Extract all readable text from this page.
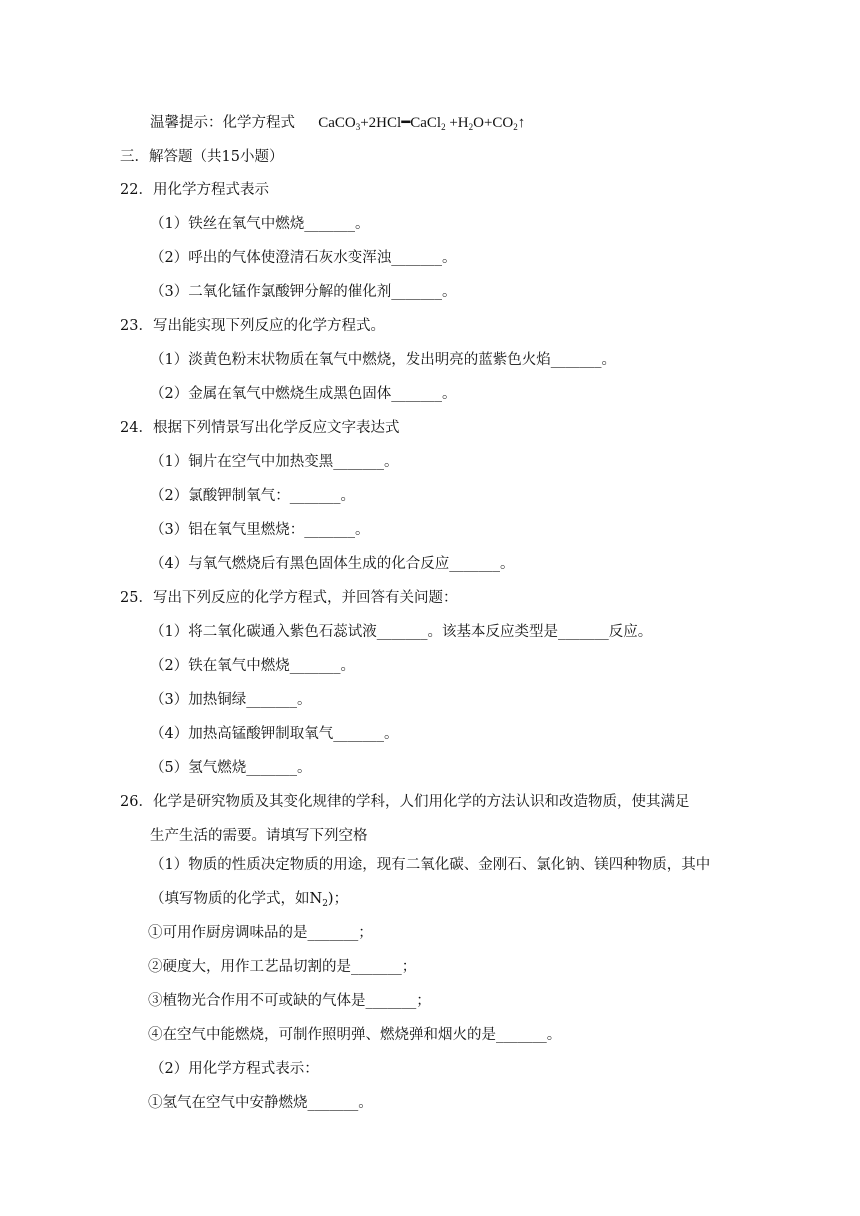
温馨提示：化学方程式 CaCO$_3$+2HCl━CaCl$_2$ $+H_2O+CO_2↑$
三．解答题（共15小题）
22．用化学方程式表示
（1）铁丝在氧气中燃烧_______。
（2）呼出的气体使澄清石灰水变浑浊_______。
（3）二氧化锰作氯酸钾分解的催化剂_______。
23．写出能实现下列反应的化学方程式。
（1）淡黄色粉末状物质在氧气中燃烧，发出明亮的蓝紫色火焰_______。
（2）金属在氧气中燃烧生成黑色固体_______。
24．根据下列情景写出化学反应文字表达式
（1）铜片在空气中加热变黑_______。
（2）氯酸钾制氧气：_______。
（3）铝在氧气里燃烧：_______。
（4）与氧气燃烧后有黑色固体生成的化合反应_______。
25．写出下列反应的化学方程式，并回答有关问题：
（1）将二氧化碳通入紫色石蕊试液_______。该基本反应类型是_______反应。
（2）铁在氧气中燃烧_______。
（3）加热铜绿_______。
（4）加热高锰酸钾制取氧气_______。
（5）氢气燃烧_______。
26．化学是研究物质及其变化规律的学科，人们用化学的方法认识和改造物质，使其满足
生产生活的需要。请填写下列空格
（1）物质的性质决定物质的用途，现有二氧化碳、金刚石、氯化钠、镁四种物质，其中
（填写物质的化学式，如$N_2$)；
①可用作厨房调味品的是_______；
②硬度大，用作工艺品切割的是_______；
③植物光合作用不可或缺的气体是_______；
④在空气中能燃烧，可制作照明弹、燃烧弹和烟火的是_______。
（2）用化学方程式表示：
①氢气在空气中安静燃烧_______。
